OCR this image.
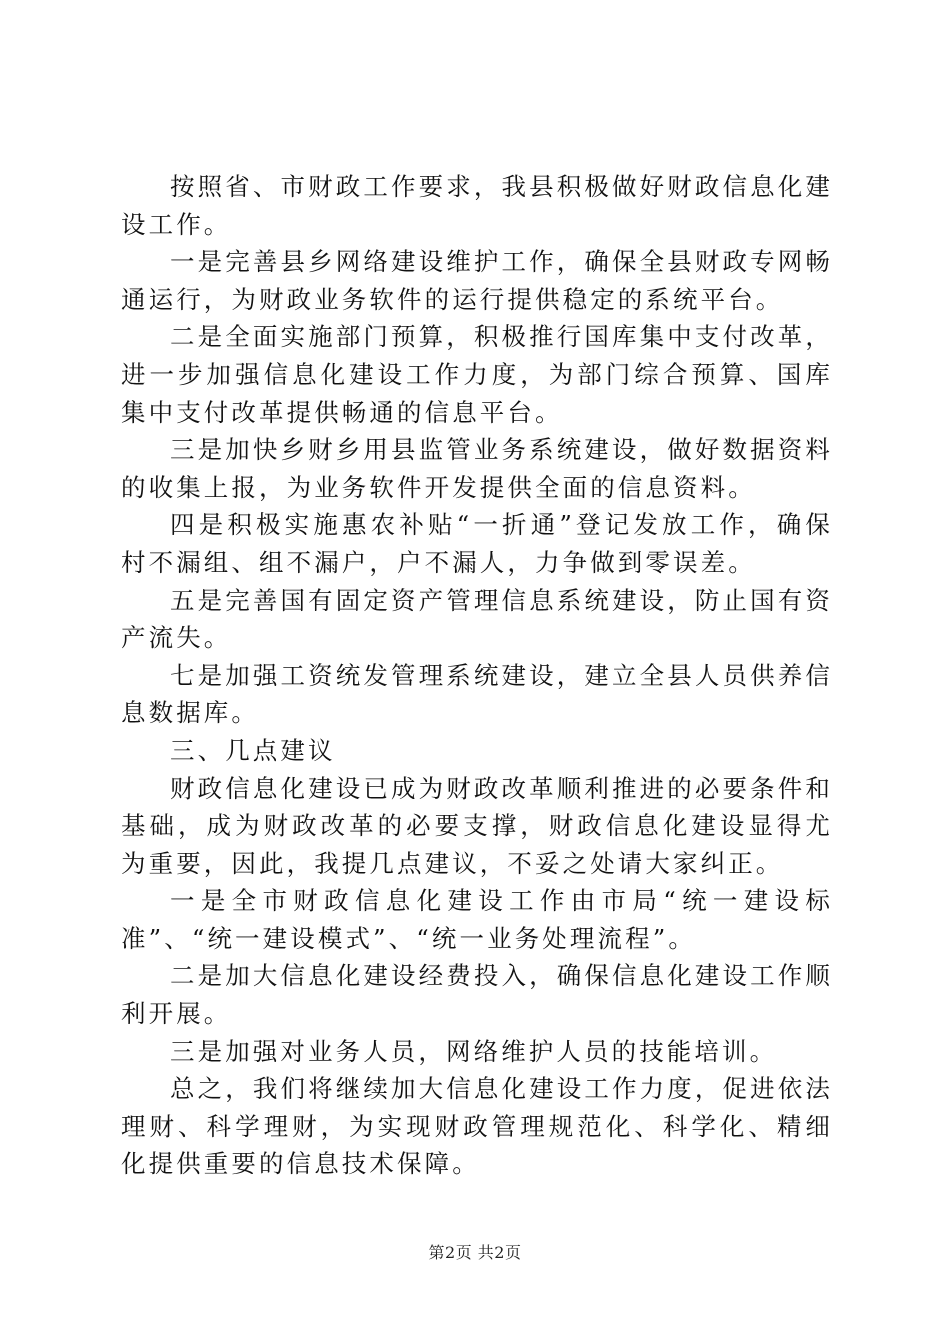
按照省、市财政工作要求，我县积极做好财政信息化建设工作。

一是完善县乡网络建设维护工作，确保全县财政专网畅通运行，为财政业务软件的运行提供稳定的系统平台。

二是全面实施部门预算，积极推行国库集中支付改革，进一步加强信息化建设工作力度，为部门综合预算、国库集中支付改革提供畅通的信息平台。

三是加快乡财乡用县监管业务系统建设，做好数据资料的收集上报，为业务软件开发提供全面的信息资料。

四是积极实施惠农补贴“一折通”登记发放工作，确保村不漏组、组不漏户，户不漏人，力争做到零误差。

五是完善国有固定资产管理信息系统建设，防止国有资产流失。

七是加强工资统发管理系统建设，建立全县人员供养信息数据库。

三、几点建议

财政信息化建设已成为财政改革顺利推进的必要条件和基础，成为财政改革的必要支撑，财政信息化建设显得尤为重要，因此，我提几点建议，不妥之处请大家纠正。

一是全市财政信息化建设工作由市局“统一建设标准”、“统一建设模式”、“统一业务处理流程”。

二是加大信息化建设经费投入，确保信息化建设工作顺利开展。

三是加强对业务人员，网络维护人员的技能培训。

总之，我们将继续加大信息化建设工作力度，促进依法理财、科学理财，为实现财政管理规范化、科学化、精细化提供重要的信息技术保障。

第2页 共2页
